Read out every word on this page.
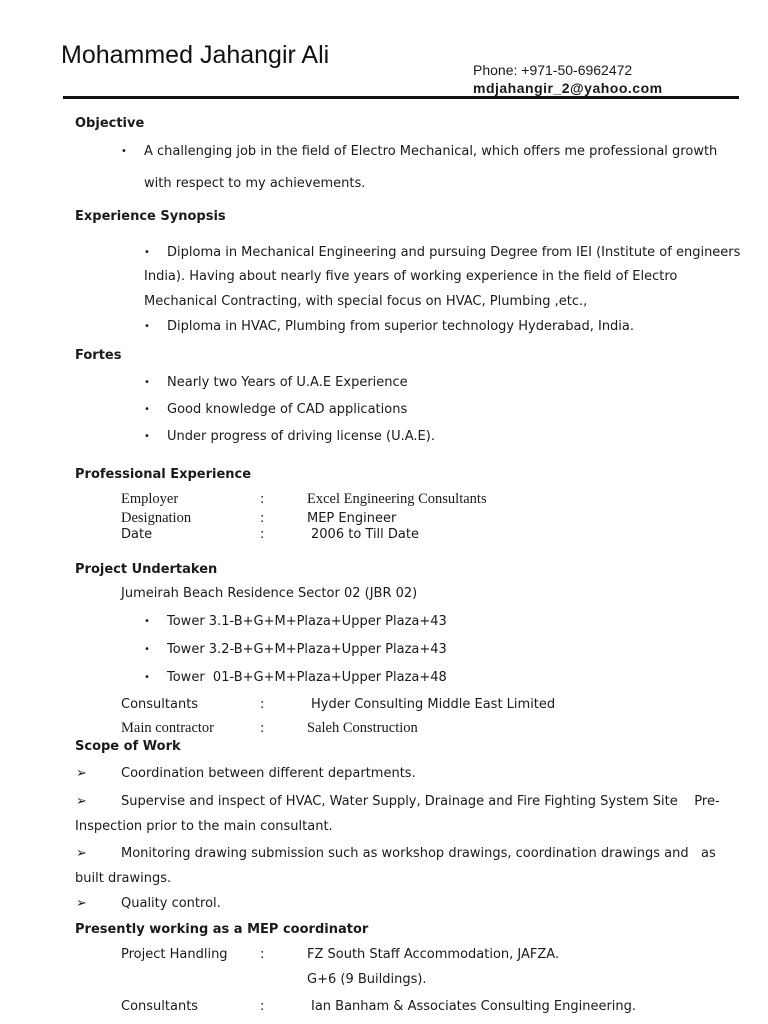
Mohammed Jahangir Ali
Phone: +971-50-6962472
mdjahangir_2@yahoo.com
Objective
• A challenging job in the field of Electro Mechanical, which offers me professional growth
with respect to my achievements.
Experience Synopsis
• Diploma in Mechanical Engineering and pursuing Degree from IEI (Institute of engineers
India). Having about nearly five years of working experience in the field of Electro
Mechanical Contracting, with special focus on HVAC, Plumbing ,etc.,
• Diploma in HVAC, Plumbing from superior technology Hyderabad, India.
Fortes
• Nearly two Years of U.A.E Experience
• Good knowledge of CAD applications
• Under progress of driving license (U.A.E).
Professional Experience
Employer	:	Excel Engineering Consultants
Designation	:	MEP Engineer
Date	:	2006 to Till Date
Project Undertaken
Jumeirah Beach Residence Sector 02 (JBR 02)
• Tower 3.1-B+G+M+Plaza+Upper Plaza+43
• Tower 3.2-B+G+M+Plaza+Upper Plaza+43
• Tower  01-B+G+M+Plaza+Upper Plaza+48
Consultants	:	Hyder Consulting Middle East Limited
Main contractor	:	Saleh Construction
Scope of Work
➢	Coordination between different departments.
➢	Supervise and inspect of HVAC, Water Supply, Drainage and Fire Fighting System Site    Pre-
Inspection prior to the main consultant.
➢	Monitoring drawing submission such as workshop drawings, coordination drawings and   as
built drawings.
➢	Quality control.
Presently working as a MEP coordinator
Project Handling :	FZ South Staff Accommodation, JAFZA.
G+6 (9 Buildings).
Consultants	:	Ian Banham & Associates Consulting Engineering.
